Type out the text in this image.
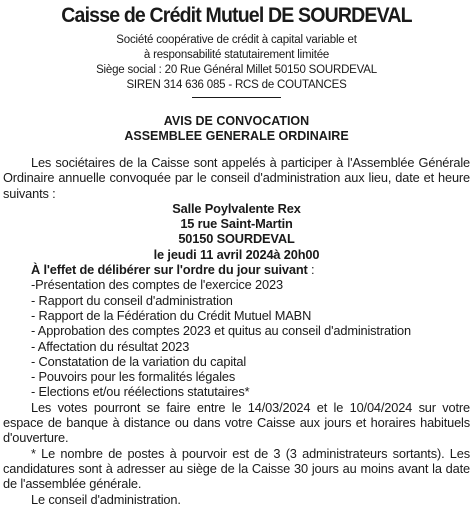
Caisse de Crédit Mutuel DE SOURDEVAL
Société coopérative de crédit à capital variable et
à responsabilité statutairement limitée
Siège social : 20 Rue Général Millet 50150 SOURDEVAL
SIREN 314 636 085 - RCS de COUTANCES
AVIS DE CONVOCATION
ASSEMBLEE GENERALE ORDINAIRE
Les sociétaires de la Caisse sont appelés à participer à l'Assemblée Générale Ordinaire annuelle convoquée par le conseil d'administration aux lieu, date et heure suivants :
Salle Poylvalente Rex
15 rue Saint-Martin
50150 SOURDEVAL
le jeudi 11 avril 2024à 20h00
À l'effet de délibérer sur l'ordre du jour suivant :
-Présentation des comptes de l'exercice 2023
- Rapport du conseil d'administration
- Rapport de la Fédération du Crédit Mutuel MABN
- Approbation des comptes 2023 et quitus au conseil d'administration
- Affectation du résultat 2023
- Constatation de la variation du capital
- Pouvoirs pour les formalités légales
- Elections et/ou réélections statutaires*
Les votes pourront se faire entre le 14/03/2024 et le 10/04/2024 sur votre espace de banque à distance ou dans votre Caisse aux jours et horaires habituels d'ouverture.
* Le nombre de postes à pourvoir est de 3 (3 administrateurs sortants). Les candidatures sont à adresser au siège de la Caisse 30 jours au moins avant la date de l'assemblée générale.
Le conseil d'administration.
